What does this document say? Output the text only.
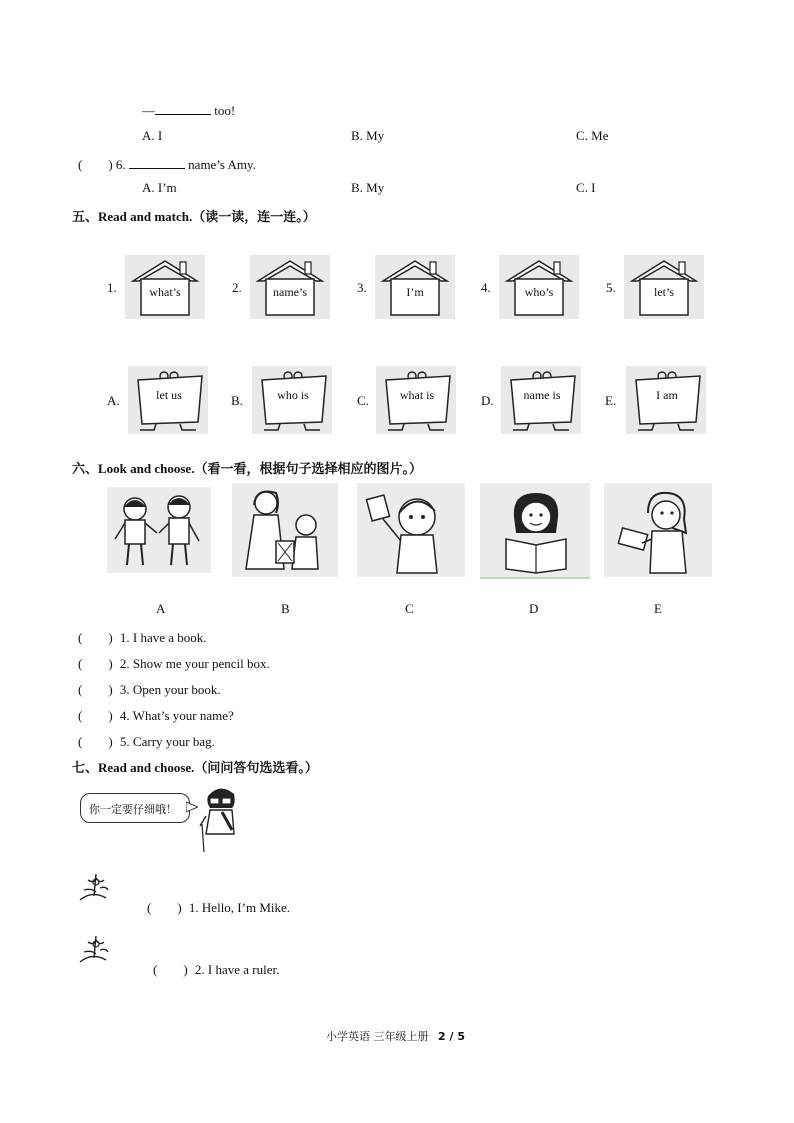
—	too!
A. I	B. My	C. Me
(　　) 6.	name’s Amy.
A. I’m	B. My	C. I
五、Read and match.（读一读，连一连。）
1.	what’s	2.	name’s	3.	I’m	4.	who’s	5.	let’s
A.	let us	B.	who is	C.	what is	D.	name is	E.	I am
六、Look and choose.（看一看，根据句子选择相应的图片。）
A	B	C	D	E
(　　) 1. I have a book.
(　　) 2. Show me your pencil box.
(　　) 3. Open your book.
(　　) 4. What’s your name?
(　　) 5. Carry your bag.
七、Read and choose.（问问答句选选看。）
你一定要仔细哦！
(　　) 1. Hello, I’m Mike.
(　　) 2. I have a ruler.
小学英语 三年级上册 2 / 5
